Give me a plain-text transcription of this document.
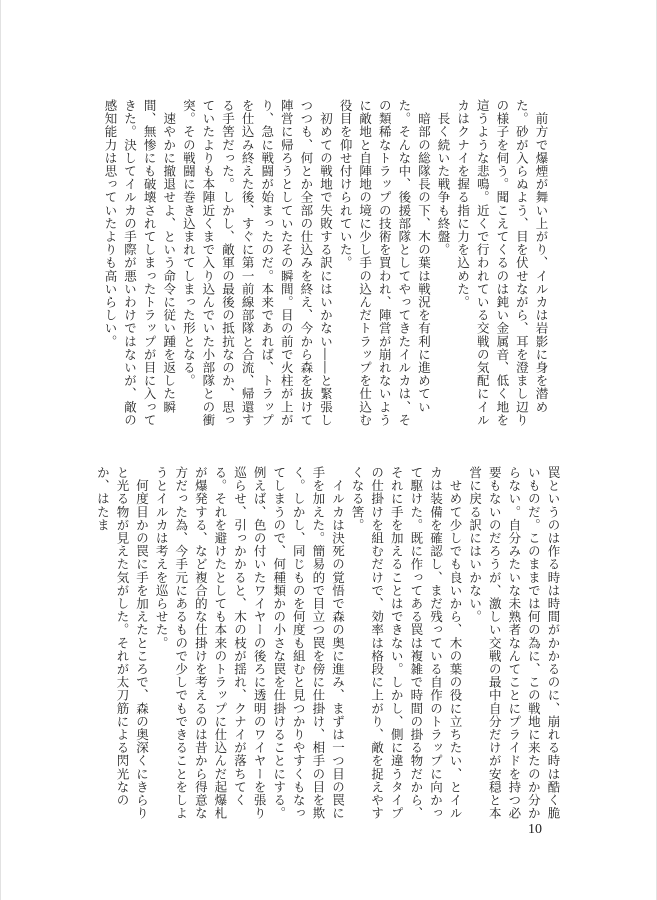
　前方で爆煙が舞い上がり、イルカは岩影に身を潜めた。砂が入らぬよう、目を伏せながら、耳を澄まし辺りの様子を伺う。聞こえてくるのは鈍い金属音、低く地を這うような悲鳴。近くで行われている交戦の気配にイルカはクナイを握る指に力を込めた。

　長く続いた戦争も終盤。

　暗部の総隊長の下、木の葉は戦況を有利に進めていた。そんな中、後援部隊としてやってきたイルカは、その類稀なトラップの技術を買われ、陣営が崩れないように敵地と自陣地の境に少し手の込んだトラップを仕込む役目を仰せ付けられていた。

　初めての戦地で失敗する訳にはいかない――と緊張しつつも、何とか全部の仕込みを終え、今から森を抜けて陣営に帰ろうとしていたその瞬間。目の前で火柱が上がり、急に戦闘が始まったのだ。本来であれば、トラップを仕込み終えた後、すぐに第一前線部隊と合流、帰還する手筈だった。しかし、敵軍の最後の抵抗なのか、思っていたよりも本陣近くまで入り込んでいた小部隊との衝突。その戦闘に巻き込まれてしまった形となる。

　速やかに撤退せよ、という命令に従い踵を返した瞬間、無惨にも破壊されてしまったトラップが目に入ってきた。決してイルカの手際が悪いわけではないが、敵の感知能力は思っていたよりも高いらしい。

罠というのは作る時は時間がかかるのに、崩れる時は酷く脆いものだ。このままでは何の為に、この戦地に来たのか分からない。自分みたいな未熟者なんてことにプライドを持つ必要もないのだろうが、激しい交戦の最中自分だけが安穏と本営に戻る訳にはいかない。

　せめて少しでも良いから、木の葉の役に立ちたい、とイルカは装備を確認し、まだ残っている自作のトラップに向かって駆けた。既に作ってある罠は複雑で時間の掛る物だから、それに手を加えることはできない。しかし、側に違うタイプの仕掛けを組むだけで、効率は格段に上がり、敵を捉えやすくなる筈。

　イルカは決死の覚悟で森の奥に進み、まずは一つ目の罠に手を加えた。簡易的で目立つ罠を傍に仕掛け、相手の目を欺く。しかし、同じものを何度も組むと見つかりやすくもなってしまうので、何種類かの小さな罠を仕掛けることにする。例えば、色の付いたワイヤーの後ろに透明のワイヤーを張り巡らせ、引っかかると、木の枝が揺れ、クナイが落ちてくる。それを避けたとしても本来のトラップに仕込んだ起爆札が爆発する、など複合的な仕掛けを考えるのは昔から得意な方だった為、今手元にあるもので少しでもできることをしようとイルカは考えを巡らせた。

　何度目かの罠に手を加えたところで、森の奥深くにきらりと光る物が見えた気がした。それが太刀筋による閃光なのか、はたま

10
